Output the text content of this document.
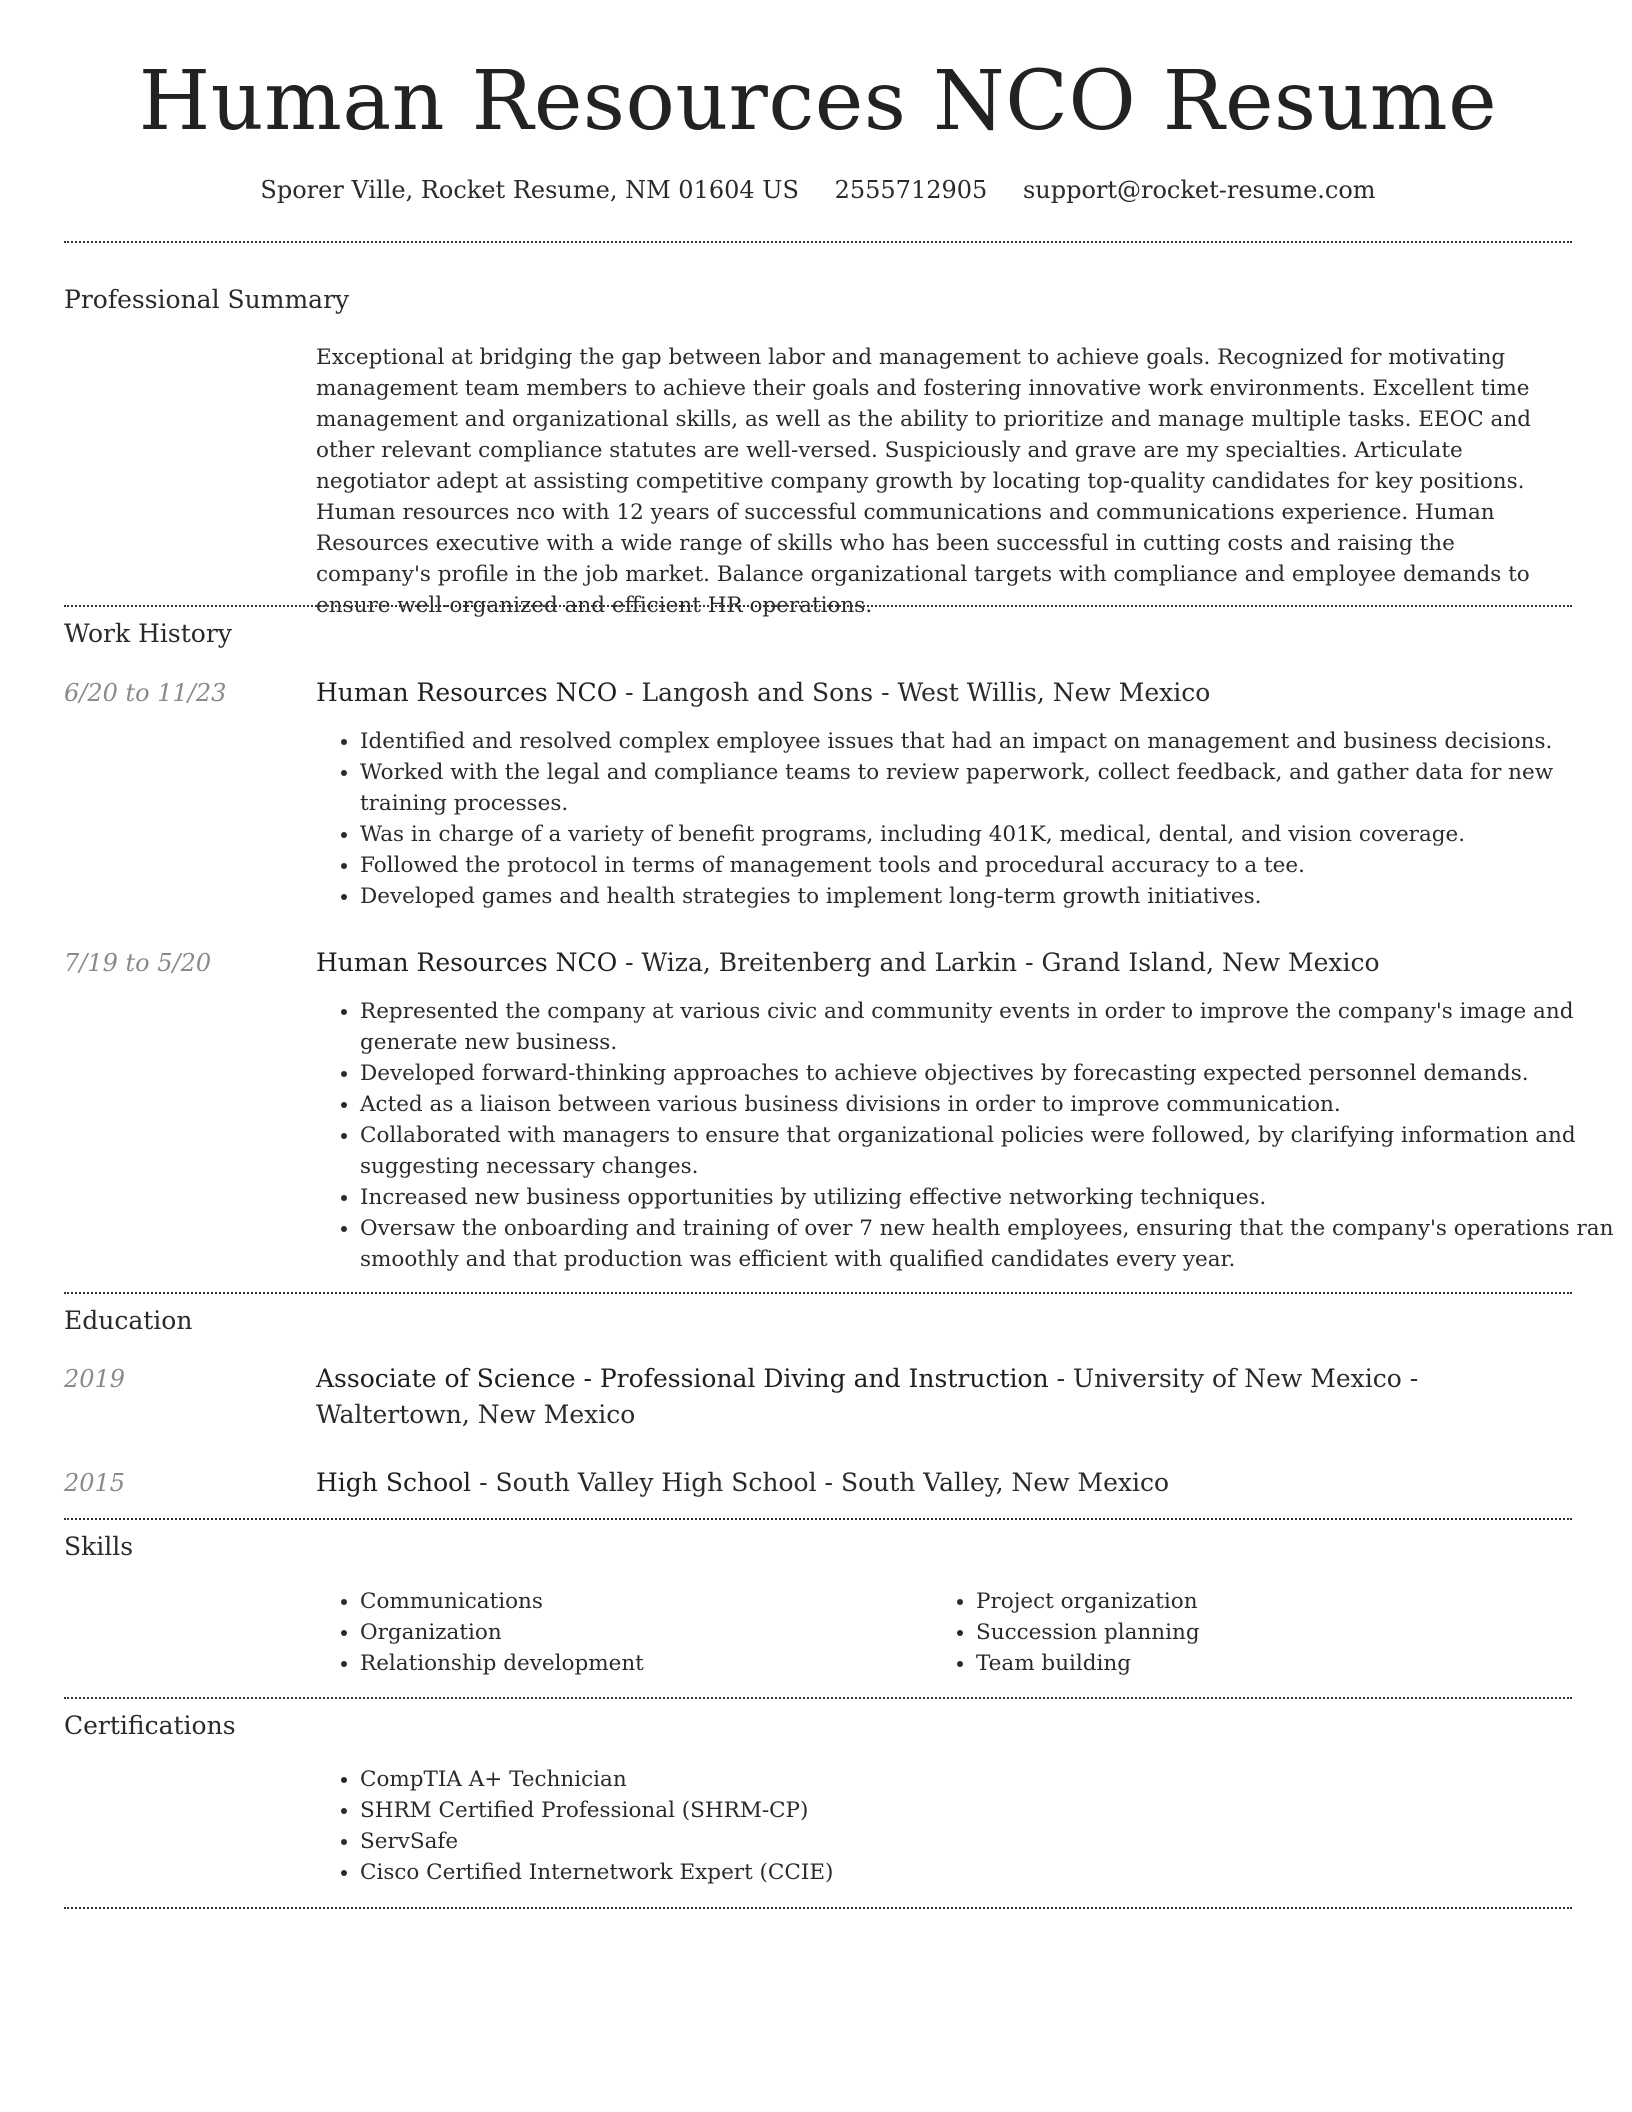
Human Resources NCO Resume
Sporer Ville, Rocket Resume, NM 01604 US 2555712905 support@rocket-resume.com
Professional Summary
Exceptional at bridging the gap between labor and management to achieve goals. Recognized for motivating management team members to achieve their goals and fostering innovative work environments. Excellent time management and organizational skills, as well as the ability to prioritize and manage multiple tasks. EEOC and other relevant compliance statutes are well-versed. Suspiciously and grave are my specialties. Articulate negotiator adept at assisting competitive company growth by locating top-quality candidates for key positions. Human resources nco with 12 years of successful communications and communications experience. Human Resources executive with a wide range of skills who has been successful in cutting costs and raising the company's profile in the job market. Balance organizational targets with compliance and employee demands to ensure well-organized and efficient HR operations.
Work History
6/20 to 11/23	Human Resources NCO - Langosh and Sons - West Willis, New Mexico
• Identified and resolved complex employee issues that had an impact on management and business decisions.
• Worked with the legal and compliance teams to review paperwork, collect feedback, and gather data for new training processes.
• Was in charge of a variety of benefit programs, including 401K, medical, dental, and vision coverage.
• Followed the protocol in terms of management tools and procedural accuracy to a tee.
• Developed games and health strategies to implement long-term growth initiatives.
7/19 to 5/20	Human Resources NCO - Wiza, Breitenberg and Larkin - Grand Island, New Mexico
• Represented the company at various civic and community events in order to improve the company's image and generate new business.
• Developed forward-thinking approaches to achieve objectives by forecasting expected personnel demands.
• Acted as a liaison between various business divisions in order to improve communication.
• Collaborated with managers to ensure that organizational policies were followed, by clarifying information and suggesting necessary changes.
• Increased new business opportunities by utilizing effective networking techniques.
• Oversaw the onboarding and training of over 7 new health employees, ensuring that the company's operations ran smoothly and that production was efficient with qualified candidates every year.
Education
2019	Associate of Science - Professional Diving and Instruction - University of New Mexico - Waltertown, New Mexico
2015	High School - South Valley High School - South Valley, New Mexico
Skills
• Communications
• Organization
• Relationship development
• Project organization
• Succession planning
• Team building
Certifications
• CompTIA A+ Technician
• SHRM Certified Professional (SHRM-CP)
• ServSafe
• Cisco Certified Internetwork Expert (CCIE)
